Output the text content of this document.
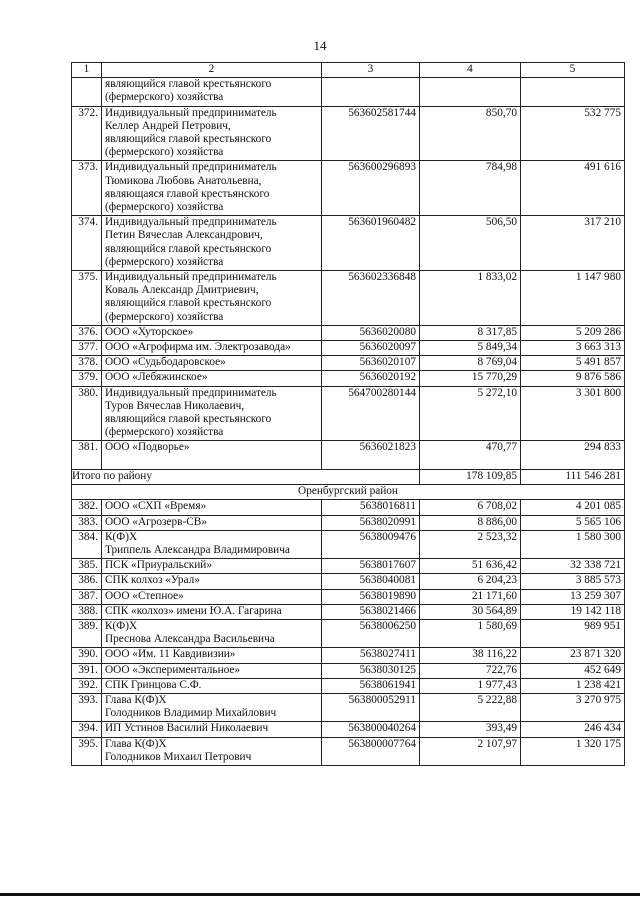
14
1	2	3	4	5

	являющийся главой крестьянского
(фермерского) хозяйства			

372.	Индивидуальный предприниматель
Келлер Андрей Петрович,
являющийся главой крестьянского
(фермерского) хозяйства	563602581744	850,70	532 775
373.	Индивидуальный предприниматель
Тюмикова Любовь Анатольевна,
являющаяся главой крестьянского
(фермерского) хозяйства	563600296893	784,98	491 616
374.	Индивидуальный предприниматель
Петин Вячеслав Александрович,
являющийся главой крестьянского
(фермерского) хозяйства	563601960482	506,50	317 210
375.	Индивидуальный предприниматель
Коваль Александр Дмитриевич,
являющийся главой крестьянского
(фермерского) хозяйства	563602336848	1 833,02	1 147 980
376.	ООО «Хуторское»	5636020080	8 317,85	5 209 286
377.	ООО «Агрофирма им. Электрозавода»	5636020097	5 849,34	3 663 313
378.	ООО «Судьбодаровское»	5636020107	8 769,04	5 491 857
379.	ООО «Лебяжинское»	5636020192	15 770,29	9 876 586
380.	Индивидуальный предприниматель
Туров Вячеслав Николаевич,
являющийся главой крестьянского
(фермерского) хозяйства	564700280144	5 272,10	3 301 800
381.	ООО «Подворье»	5636021823	470,77	294 833
Итого по району			178 109,85	111 546 281
Оренбургский район				
382.	ООО «СХП «Время»	5638016811	6 708,02	4 201 085
383.	ООО «Агрозерв-СВ»	5638020991	8 886,00	5 565 106
384.	К(Ф)Х
Триппель Александра Владимировича	5638009476	2 523,32	1 580 300
385.	ПСК «Приуральский»	5638017607	51 636,42	32 338 721
386.	СПК колхоз «Урал»	5638040081	6 204,23	3 885 573
387.	ООО «Степное»	5638019890	21 171,60	13 259 307
388.	СПК «колхоз» имени Ю.А. Гагарина	5638021466	30 564,89	19 142 118
389.	К(Ф)Х
Преснова Александра Васильевича	5638006250	1 580,69	989 951
390.	ООО «Им. 11 Кавдивизии»	5638027411	38 116,22	23 871 320
391.	ООО «Экспериментальное»	5638030125	722,76	452 649
392.	СПК Гринцова С.Ф.	5638061941	1 977,43	1 238 421
393.	Глава К(Ф)Х
Голодников Владимир Михайлович	563800052911	5 222,88	3 270 975
394.	ИП Устинов Василий Николаевич	563800040264	393,49	246 434
395.	Глава К(Ф)Х
Голодников Михаил Петрович	563800007764	2 107,97	1 320 175
